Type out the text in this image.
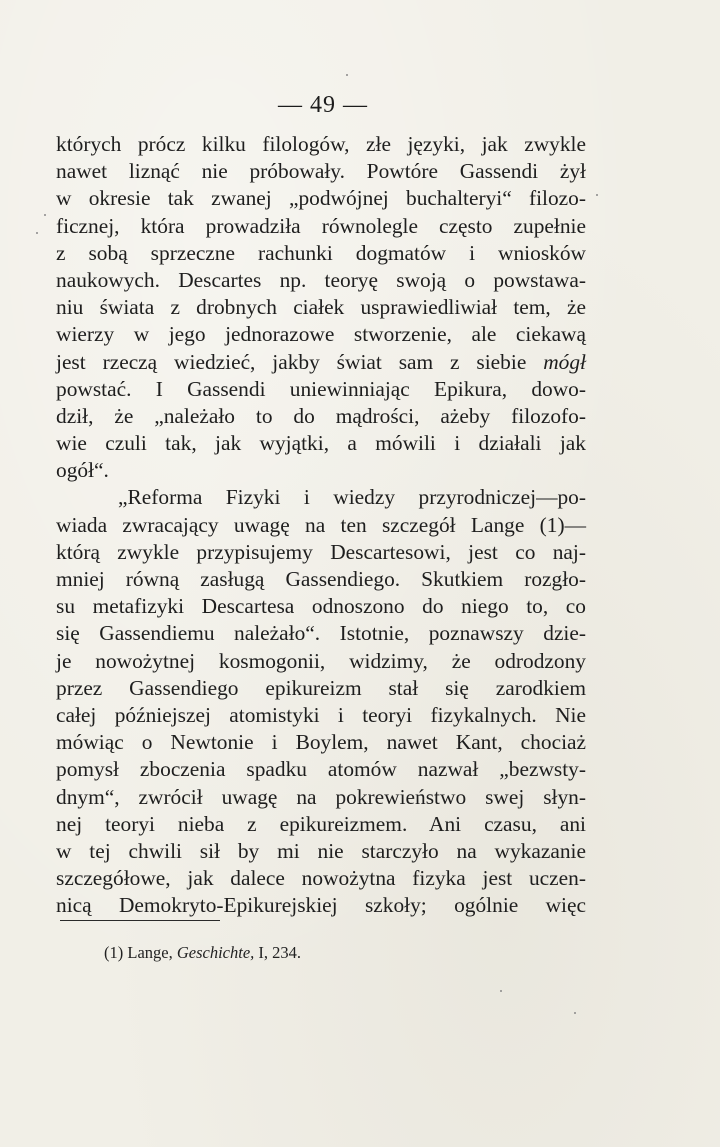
— 49 —
których prócz kilku filologów, złe języki, jak zwykle
nawet liznąć nie próbowały. Powtóre Gassendi żył
w okresie tak zwanej „podwójnej buchalteryi“ filozo-
ficznej, która prowadziła równolegle często zupełnie
z sobą sprzeczne rachunki dogmatów i wniosków
naukowych. Descartes np. teoryę swoją o powstawa-
niu świata z drobnych ciałek usprawiedliwiał tem, że
wierzy w jego jednorazowe stworzenie, ale ciekawą
jest rzeczą wiedzieć, jakby świat sam z siebie mógł
powstać. I Gassendi uniewinniając Epikura, dowo-
dził, że „należało to do mądrości, ażeby filozofo-
wie czuli tak, jak wyjątki, a mówili i działali jak
ogół“.
„Reforma Fizyki i wiedzy przyrodniczej—po-
wiada zwracający uwagę na ten szczegół Lange (1)—
którą zwykle przypisujemy Descartesowi, jest co naj-
mniej równą zasługą Gassendiego. Skutkiem rozgło-
su metafizyki Descartesa odnoszono do niego to, co
się Gassendiemu należało“. Istotnie, poznawszy dzie-
je nowożytnej kosmogonii, widzimy, że odrodzony
przez Gassendiego epikureizm stał się zarodkiem
całej późniejszej atomistyki i teoryi fizykalnych. Nie
mówiąc o Newtonie i Boylem, nawet Kant, chociaż
pomysł zboczenia spadku atomów nazwał „bezwsty-
dnym“, zwrócił uwagę na pokrewieństwo swej słyn-
nej teoryi nieba z epikureizmem. Ani czasu, ani
w tej chwili sił by mi nie starczyło na wykazanie
szczegółowe, jak dalece nowożytna fizyka jest uczen-
nicą Demokryto-Epikurejskiej szkoły; ogólnie więc
(1) Lange, Geschichte, I, 234.
